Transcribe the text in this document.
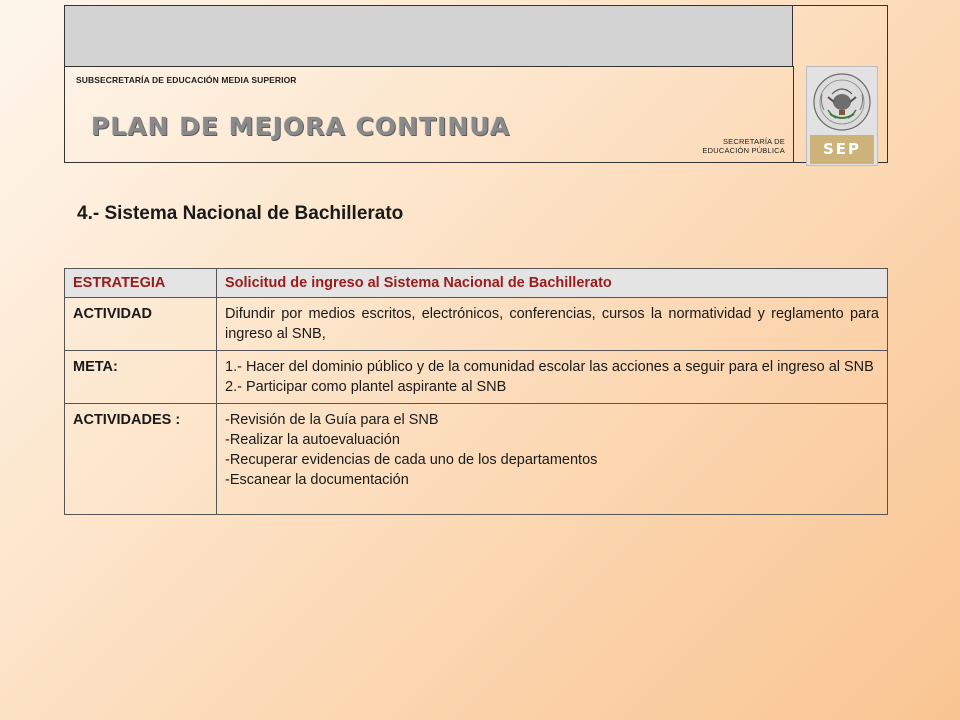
SUBSECRETARÍA DE EDUCACIÓN MEDIA SUPERIOR
PLAN DE MEJORA CONTINUA
SECRETARÍA DE
EDUCACIÓN PÚBLICA	SEP
4.- Sistema Nacional de Bachillerato
ESTRATEGIA	Solicitud de ingreso al Sistema Nacional de Bachillerato
ACTIVIDAD	Difundir por medios escritos, electrónicos, conferencias, cursos la normatividad y reglamento para ingreso al SNB,
META:	1.- Hacer del dominio público y de la comunidad escolar las acciones a seguir para el ingreso al SNB
2.- Participar como plantel aspirante al SNB

ACTIVIDADES :	-Revisión de la Guía para el SNB
-Realizar la autoevaluación
-Recuperar evidencias de cada uno de los departamentos
-Escanear la documentación
